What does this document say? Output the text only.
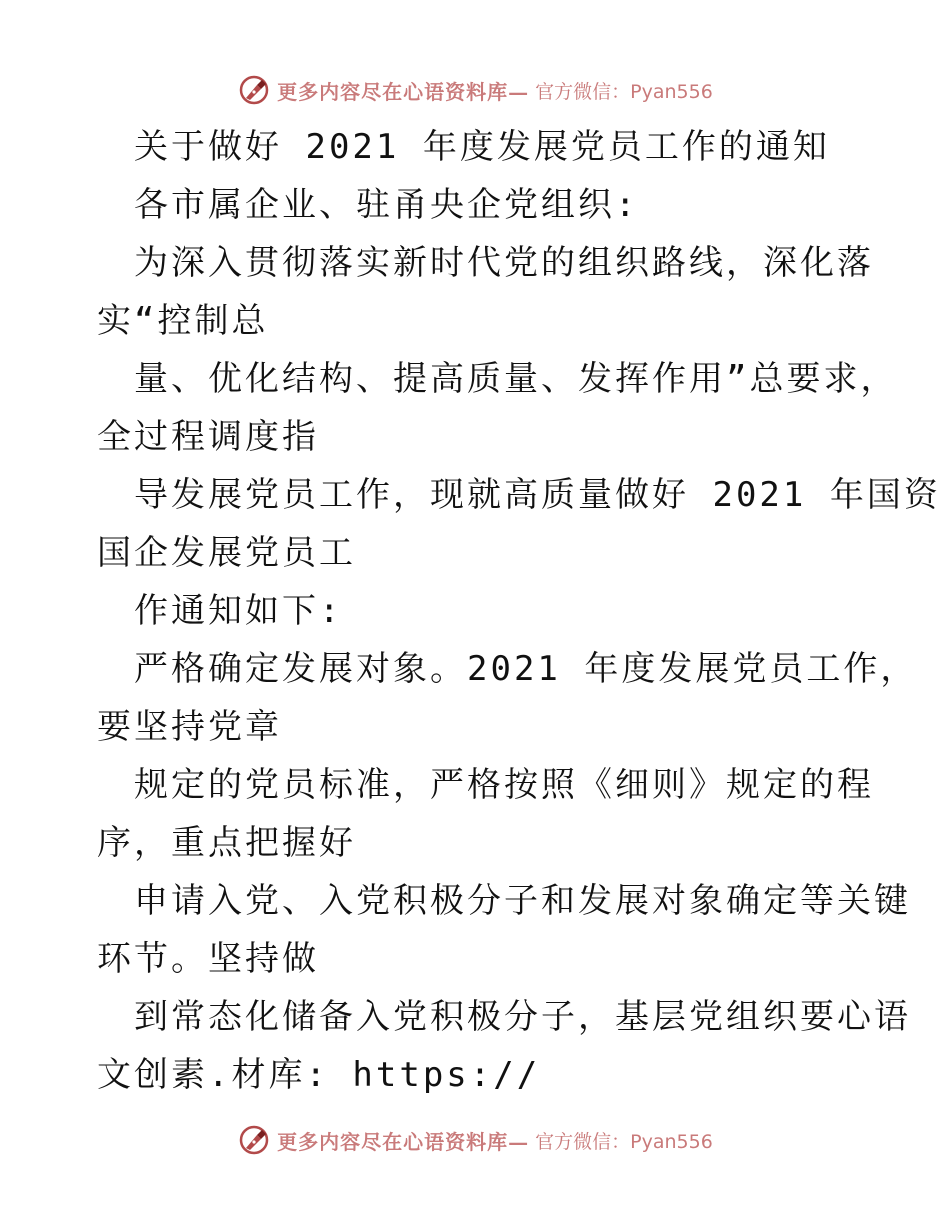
更多内容尽在心语资料库— 官方微信：Pyan556
关于做好 2021 年度发展党员工作的通知
各市属企业、驻甬央企党组织:
为深入贯彻落实新时代党的组织路线，深化落
实“控制总
量、优化结构、提高质量、发挥作用”总要求，
全过程调度指
导发展党员工作，现就高质量做好 2021 年国资
国企发展党员工
作通知如下:
严格确定发展对象。2021 年度发展党员工作，
要坚持党章
规定的党员标准，严格按照《细则》规定的程
序，重点把握好
申请入党、入党积极分子和发展对象确定等关键
环节。坚持做
到常态化储备入党积极分子，基层党组织要心语
文创素.材库: https://
更多内容尽在心语资料库— 官方微信：Pyan556
